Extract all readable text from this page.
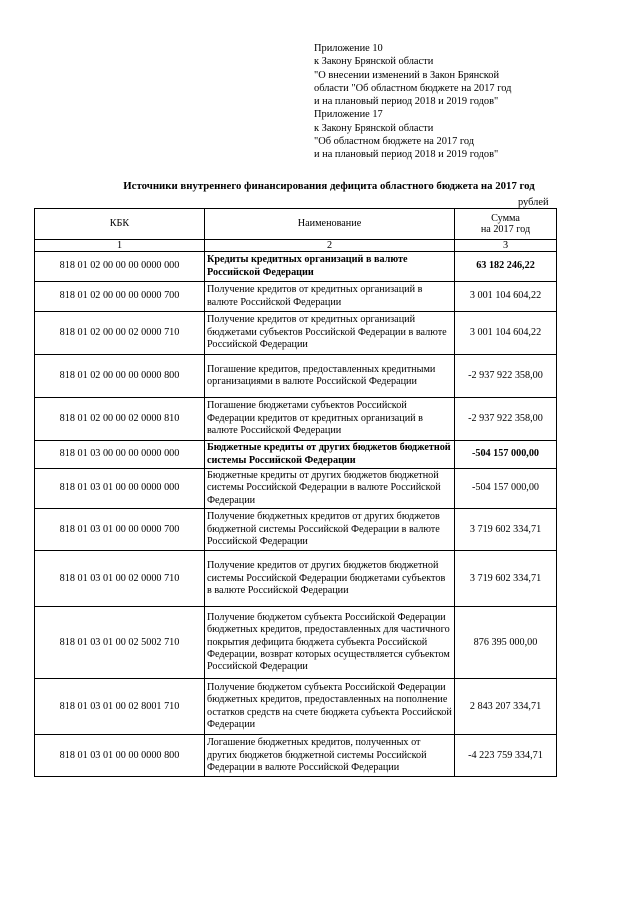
Приложение 10
к Закону Брянской области
"О внесении изменений в Закон Брянской
области "Об областном бюджете на 2017 год
и на плановый период 2018 и 2019 годов"
Приложение 17
к Закону Брянской области
"Об областном бюджете на 2017 год
и на плановый период 2018 и 2019 годов"
Источники внутреннего финансирования дефицита областного бюджета на 2017 год
рублей
КБК	Наименование	Сумма
на 2017 год

1	2	3
818 01 02 00 00 00 0000 000	Кредиты кредитных организаций в валюте Российской Федерации	63 182 246,22
818 01 02 00 00 00 0000 700	Получение кредитов от кредитных организаций в валюте Российской Федерации	3 001 104 604,22
818 01 02 00 00 02 0000 710	Получение кредитов от кредитных организаций бюджетами субъектов Российской Федерации в валюте Российской Федерации	3 001 104 604,22
818 01 02 00 00 00 0000 800	Погашение кредитов, предоставленных кредитными организациями в валюте Российской Федерации	-2 937 922 358,00
818 01 02 00 00 02 0000 810	Погашение бюджетами субъектов Российской Федерации кредитов от кредитных организаций в валюте Российской Федерации	-2 937 922 358,00
818 01 03 00 00 00 0000 000	Бюджетные кредиты от других бюджетов бюджетной системы Российской Федерации	-504 157 000,00
818 01 03 01 00 00 0000 000	Бюджетные кредиты от других бюджетов бюджетной системы Российской Федерации в валюте Российской Федерации	-504 157 000,00
818 01 03 01 00 00 0000 700	Получение бюджетных кредитов от других бюджетов бюджетной системы Российской Федерации в валюте Российской Федерации	3 719 602 334,71
818 01 03 01 00 02 0000 710	Получение кредитов от других бюджетов бюджетной системы Российской Федерации бюджетами субъектов в валюте Российской Федерации	3 719 602 334,71
818 01 03 01 00 02 5002 710	Получение бюджетом субъекта Российской Федерации бюджетных кредитов, предоставленных для частичного покрытия дефицита бюджета субъекта Российской Федерации, возврат которых осуществляется субъектом Российской Федерации	876 395 000,00
818 01 03 01 00 02 8001 710	Получение бюджетом субъекта Российской Федерации бюджетных кредитов, предоставленных на пополнение остатков средств на счете бюджета субъекта Российской Федерации	2 843 207 334,71
818 01 03 01 00 00 0000 800	Логашение бюджетных кредитов, полученных от других бюджетов бюджетной системы Российской Федерации в валюте Российской Федерации	-4 223 759 334,71
